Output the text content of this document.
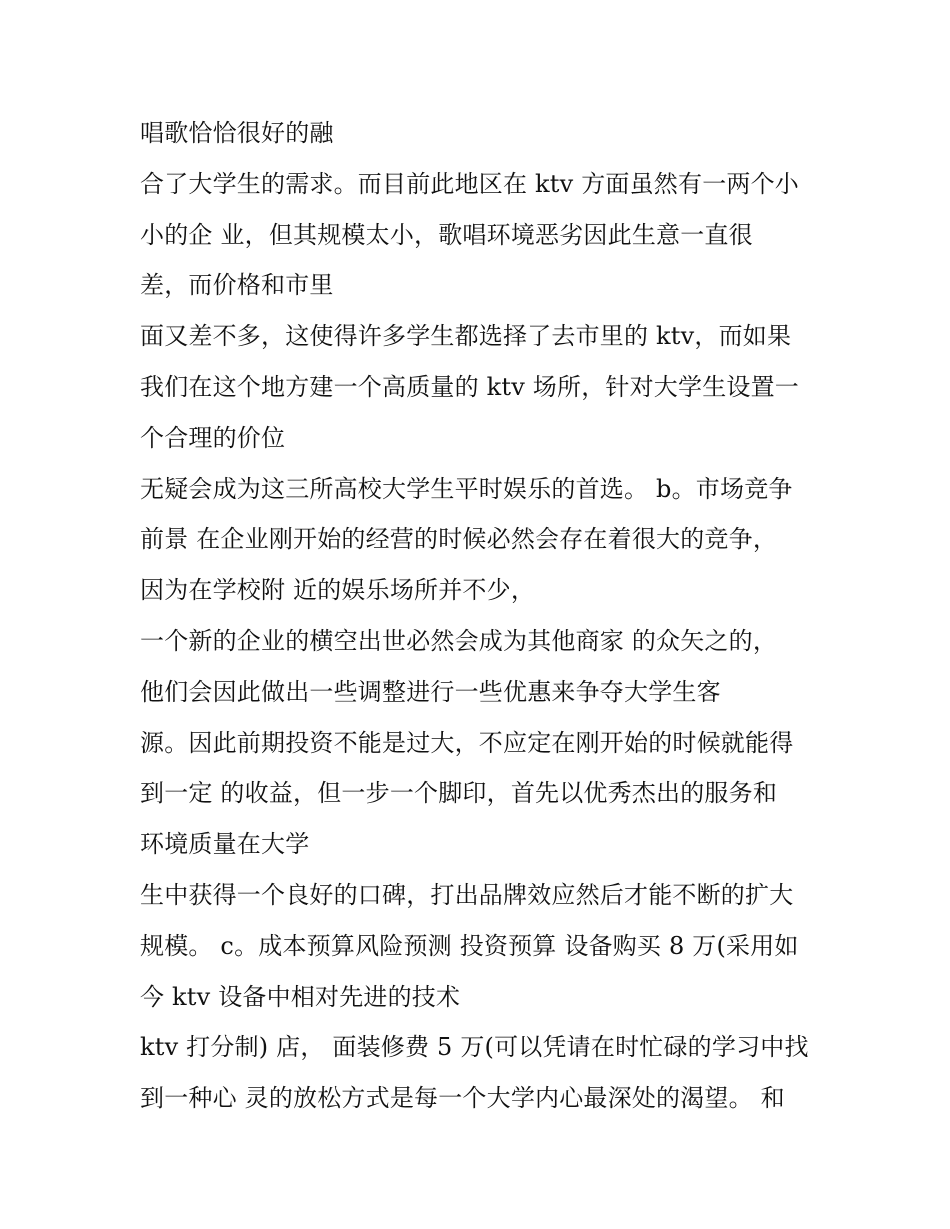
唱歌恰恰很好的融
合了大学生的需求。而目前此地区在 ktv 方面虽然有一两个小
小的企 业，但其规模太小，歌唱环境恶劣因此生意一直很
差，而价格和市里
面又差不多，这使得许多学生都选择了去市里的 ktv，而如果
我们在这个地方建一个高质量的 ktv 场所，针对大学生设置一
个合理的价位
无疑会成为这三所高校大学生平时娱乐的首选。 b。市场竞争
前景 在企业刚开始的经营的时候必然会存在着很大的竞争，
因为在学校附 近的娱乐场所并不少，
一个新的企业的横空出世必然会成为其他商家 的众矢之的，
他们会因此做出一些调整进行一些优惠来争夺大学生客
源。因此前期投资不能是过大，不应定在刚开始的时候就能得
到一定 的收益，但一步一个脚印，首先以优秀杰出的服务和
环境质量在大学
生中获得一个良好的口碑，打出品牌效应然后才能不断的扩大
规模。 c。成本预算风险预测 投资预算 设备购买 8 万(采用如
今 ktv 设备中相对先进的技术
ktv 打分制) 店， 面装修费 5 万(可以凭请在时忙碌的学习中找
到一种心 灵的放松方式是每一个大学内心最深处的渴望。 和
